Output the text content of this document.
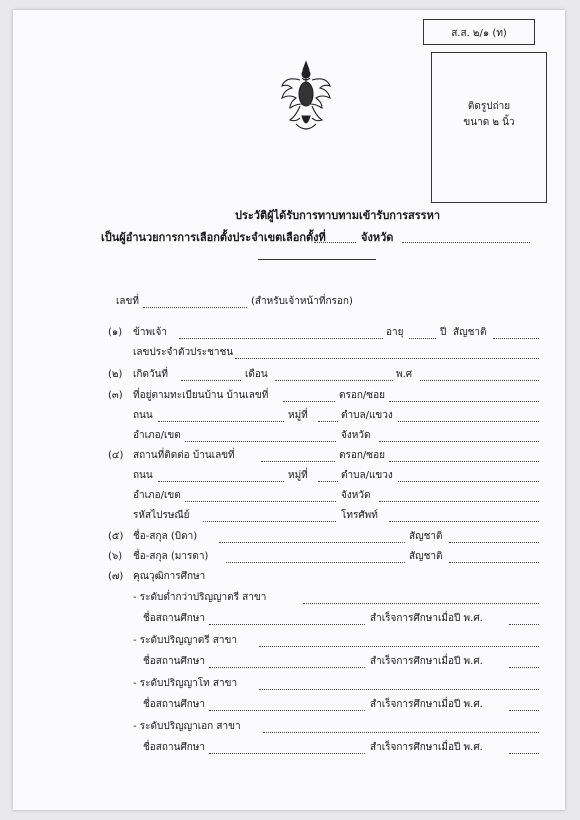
ส.ส. ๒/๑ (ท)
ติดรูปถ่าย
ขนาด ๒ นิ้ว
ประวัติผู้ได้รับการทาบทามเข้ารับการสรรหา
เป็นผู้อำนวยการการเลือกตั้งประจำเขตเลือกตั้งที่	จังหวัด
เลขที่	(สำหรับเจ้าหน้าที่กรอก)
(๑) ข้าพเจ้า	อายุ	ปี สัญชาติ
เลขประจำตัวประชาชน
(๒) เกิดวันที่	เดือน	พ.ศ
(๓) ที่อยู่ตามทะเบียนบ้าน บ้านเลขที่	ตรอก/ซอย
ถนน	หมู่ที่	ตำบล/แขวง
อำเภอ/เขต	จังหวัด
(๔) สถานที่ติดต่อ บ้านเลขที่	ตรอก/ซอย
ถนน	หมู่ที่	ตำบล/แขวง
อำเภอ/เขต	จังหวัด
รหัสไปรษณีย์	โทรศัพท์
(๕) ชื่อ-สกุล (บิดา)	สัญชาติ
(๖) ชื่อ-สกุล (มารดา)	สัญชาติ
(๗) คุณวุฒิการศึกษา
- ระดับต่ำกว่าปริญญาตรี สาขา
ชื่อสถานศึกษา	สำเร็จการศึกษาเมื่อปี พ.ศ.
- ระดับปริญญาตรี สาขา
ชื่อสถานศึกษา	สำเร็จการศึกษาเมื่อปี พ.ศ.
- ระดับปริญญาโท สาขา
ชื่อสถานศึกษา	สำเร็จการศึกษาเมื่อปี พ.ศ.
- ระดับปริญญาเอก สาขา
ชื่อสถานศึกษา	สำเร็จการศึกษาเมื่อปี พ.ศ.
